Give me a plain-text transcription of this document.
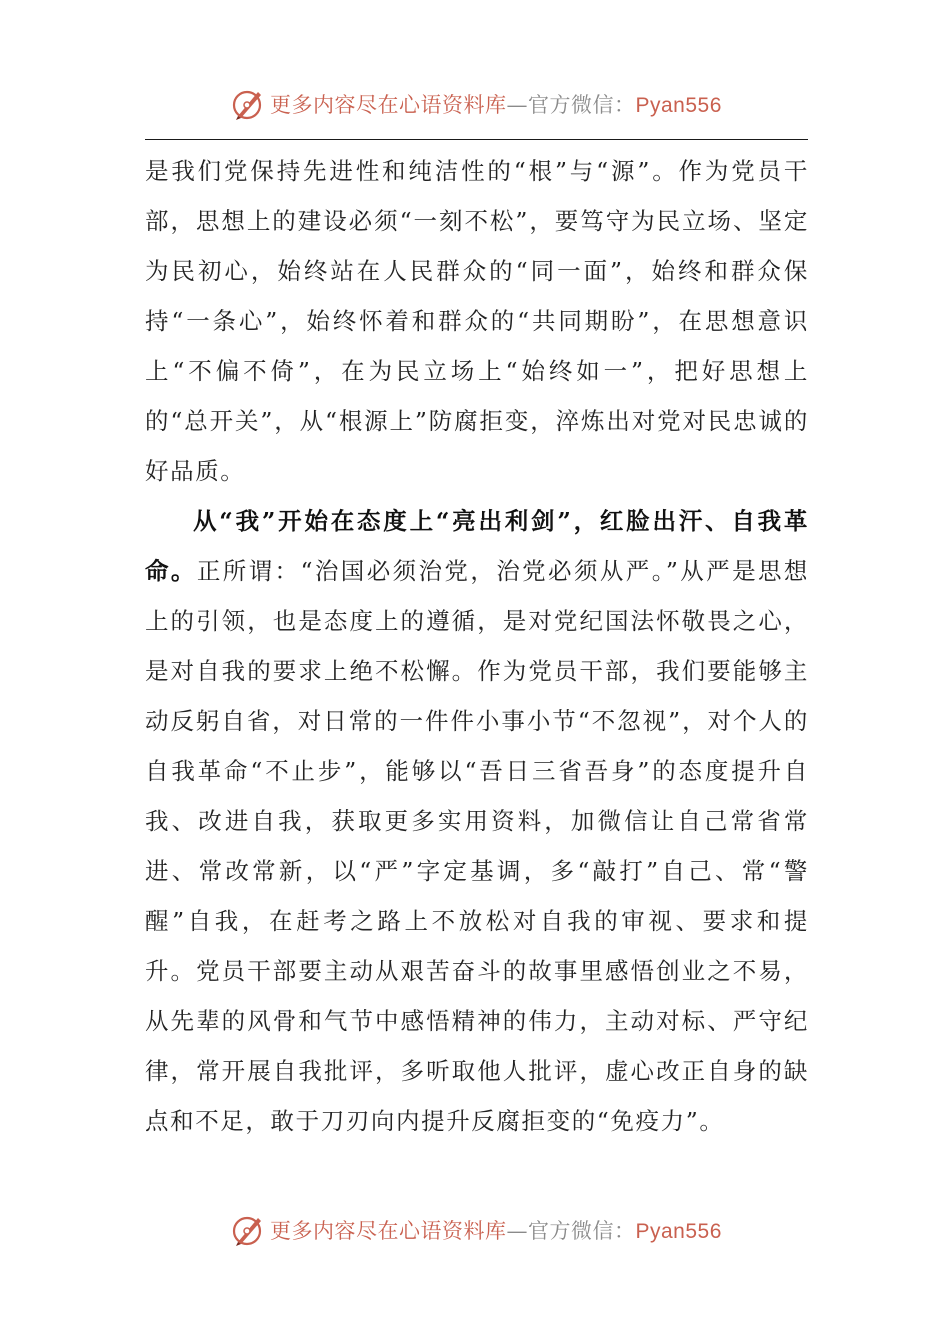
更多内容尽在心语资料库—官方微信：Pyan556

是我们党保持先进性和纯洁性的“根”与“源”。作为党员干部，思想上的建设必须“一刻不松”，要笃守为民立场、坚定为民初心，始终站在人民群众的“同一面”，始终和群众保持“一条心”，始终怀着和群众的“共同期盼”，在思想意识上“不偏不倚”，在为民立场上“始终如一”，把好思想上的“总开关”，从“根源上”防腐拒变，淬炼出对党对民忠诚的好品质。

从“我”开始在态度上“亮出利剑”，红脸出汗、自我革命。正所谓：“治国必须治党，治党必须从严。”从严是思想上的引领，也是态度上的遵循，是对党纪国法怀敬畏之心，是对自我的要求上绝不松懈。作为党员干部，我们要能够主动反躬自省，对日常的一件件小事小节“不忽视”，对个人的自我革命“不止步”，能够以“吾日三省吾身”的态度提升自我、改进自我，获取更多实用资料，加微信让自己常省常进、常改常新，以“严”字定基调，多“敲打”自己、常“警醒”自我，在赶考之路上不放松对自我的审视、要求和提升。党员干部要主动从艰苦奋斗的故事里感悟创业之不易，从先辈的风骨和气节中感悟精神的伟力，主动对标、严守纪律，常开展自我批评，多听取他人批评，虚心改正自身的缺点和不足，敢于刀刃向内提升反腐拒变的“免疫力”。

更多内容尽在心语资料库—官方微信：Pyan556
